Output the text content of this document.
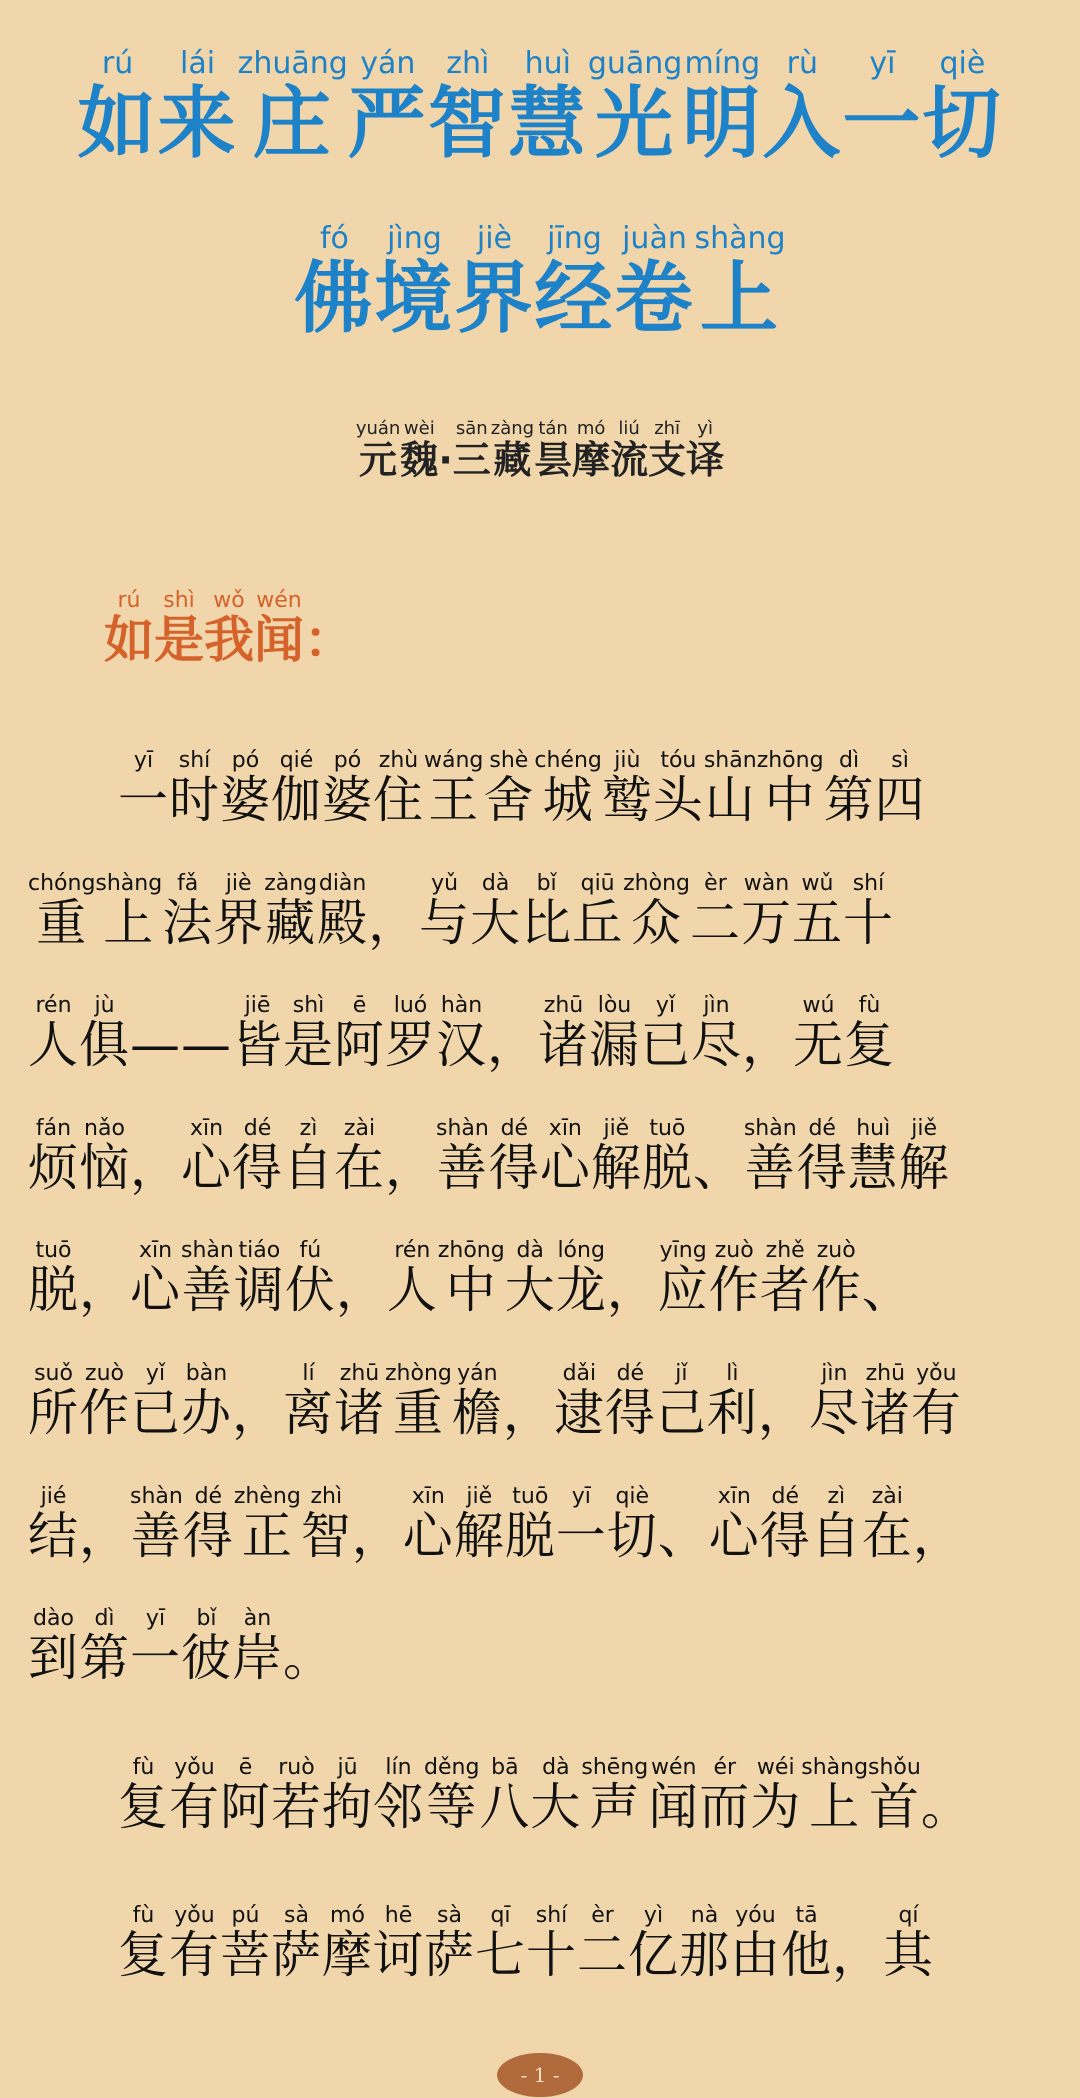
如rú来lái庄zhuāng严yán智zhì慧huì光guāng明míng入rù一yī切qiè
佛fó境jìng界jiè经jīng卷juàn上shàng
元yuán魏wèi· 三sān藏zàng昙tán摩mó流liú支zhī译yì
如rú是shì我wǒ闻wén：
一yī时shí婆pó伽qié婆pó住zhù王wáng舍shè城chéng鹫jiù头tóu山shān中zhōng第dì四sì
重chóng上shàng法fǎ界jiè藏zàng殿diàn， 与yǔ大dà比bǐ丘qiū众zhòng二èr万wàn五wǔ十shí
人rén俱jù—— 皆jiē是shì阿ē罗luó汉hàn， 诸zhū漏lòu已yǐ尽jìn， 无wú复fù
烦fán恼nǎo， 心xīn得dé自zì在zài， 善shàn得dé心xīn解jiě脱tuō、 善shàn得dé慧huì解jiě
脱tuō， 心xīn善shàn调tiáo伏fú， 人rén中zhōng大dà龙lóng， 应yīng作zuò者zhě作zuò、
所suǒ作zuò已yǐ办bàn， 离lí诸zhū重zhòng檐yán， 逮dǎi得dé己jǐ利lì， 尽jìn诸zhū有yǒu
结jié， 善shàn得dé正zhèng智zhì， 心xīn解jiě脱tuō一yī切qiè、 心xīn得dé自zì在zài，
到dào第dì一yī彼bǐ岸àn。
复fù有yǒu阿ē若ruò拘jū邻lín等děng八bā大dà声shēng闻wén而ér为wéi上shàng首shǒu。
复fù有yǒu菩pú萨sà摩mó诃hē萨sà七qī十shí二èr亿yì那nà由yóu他tā， 其qí
- 1 -
